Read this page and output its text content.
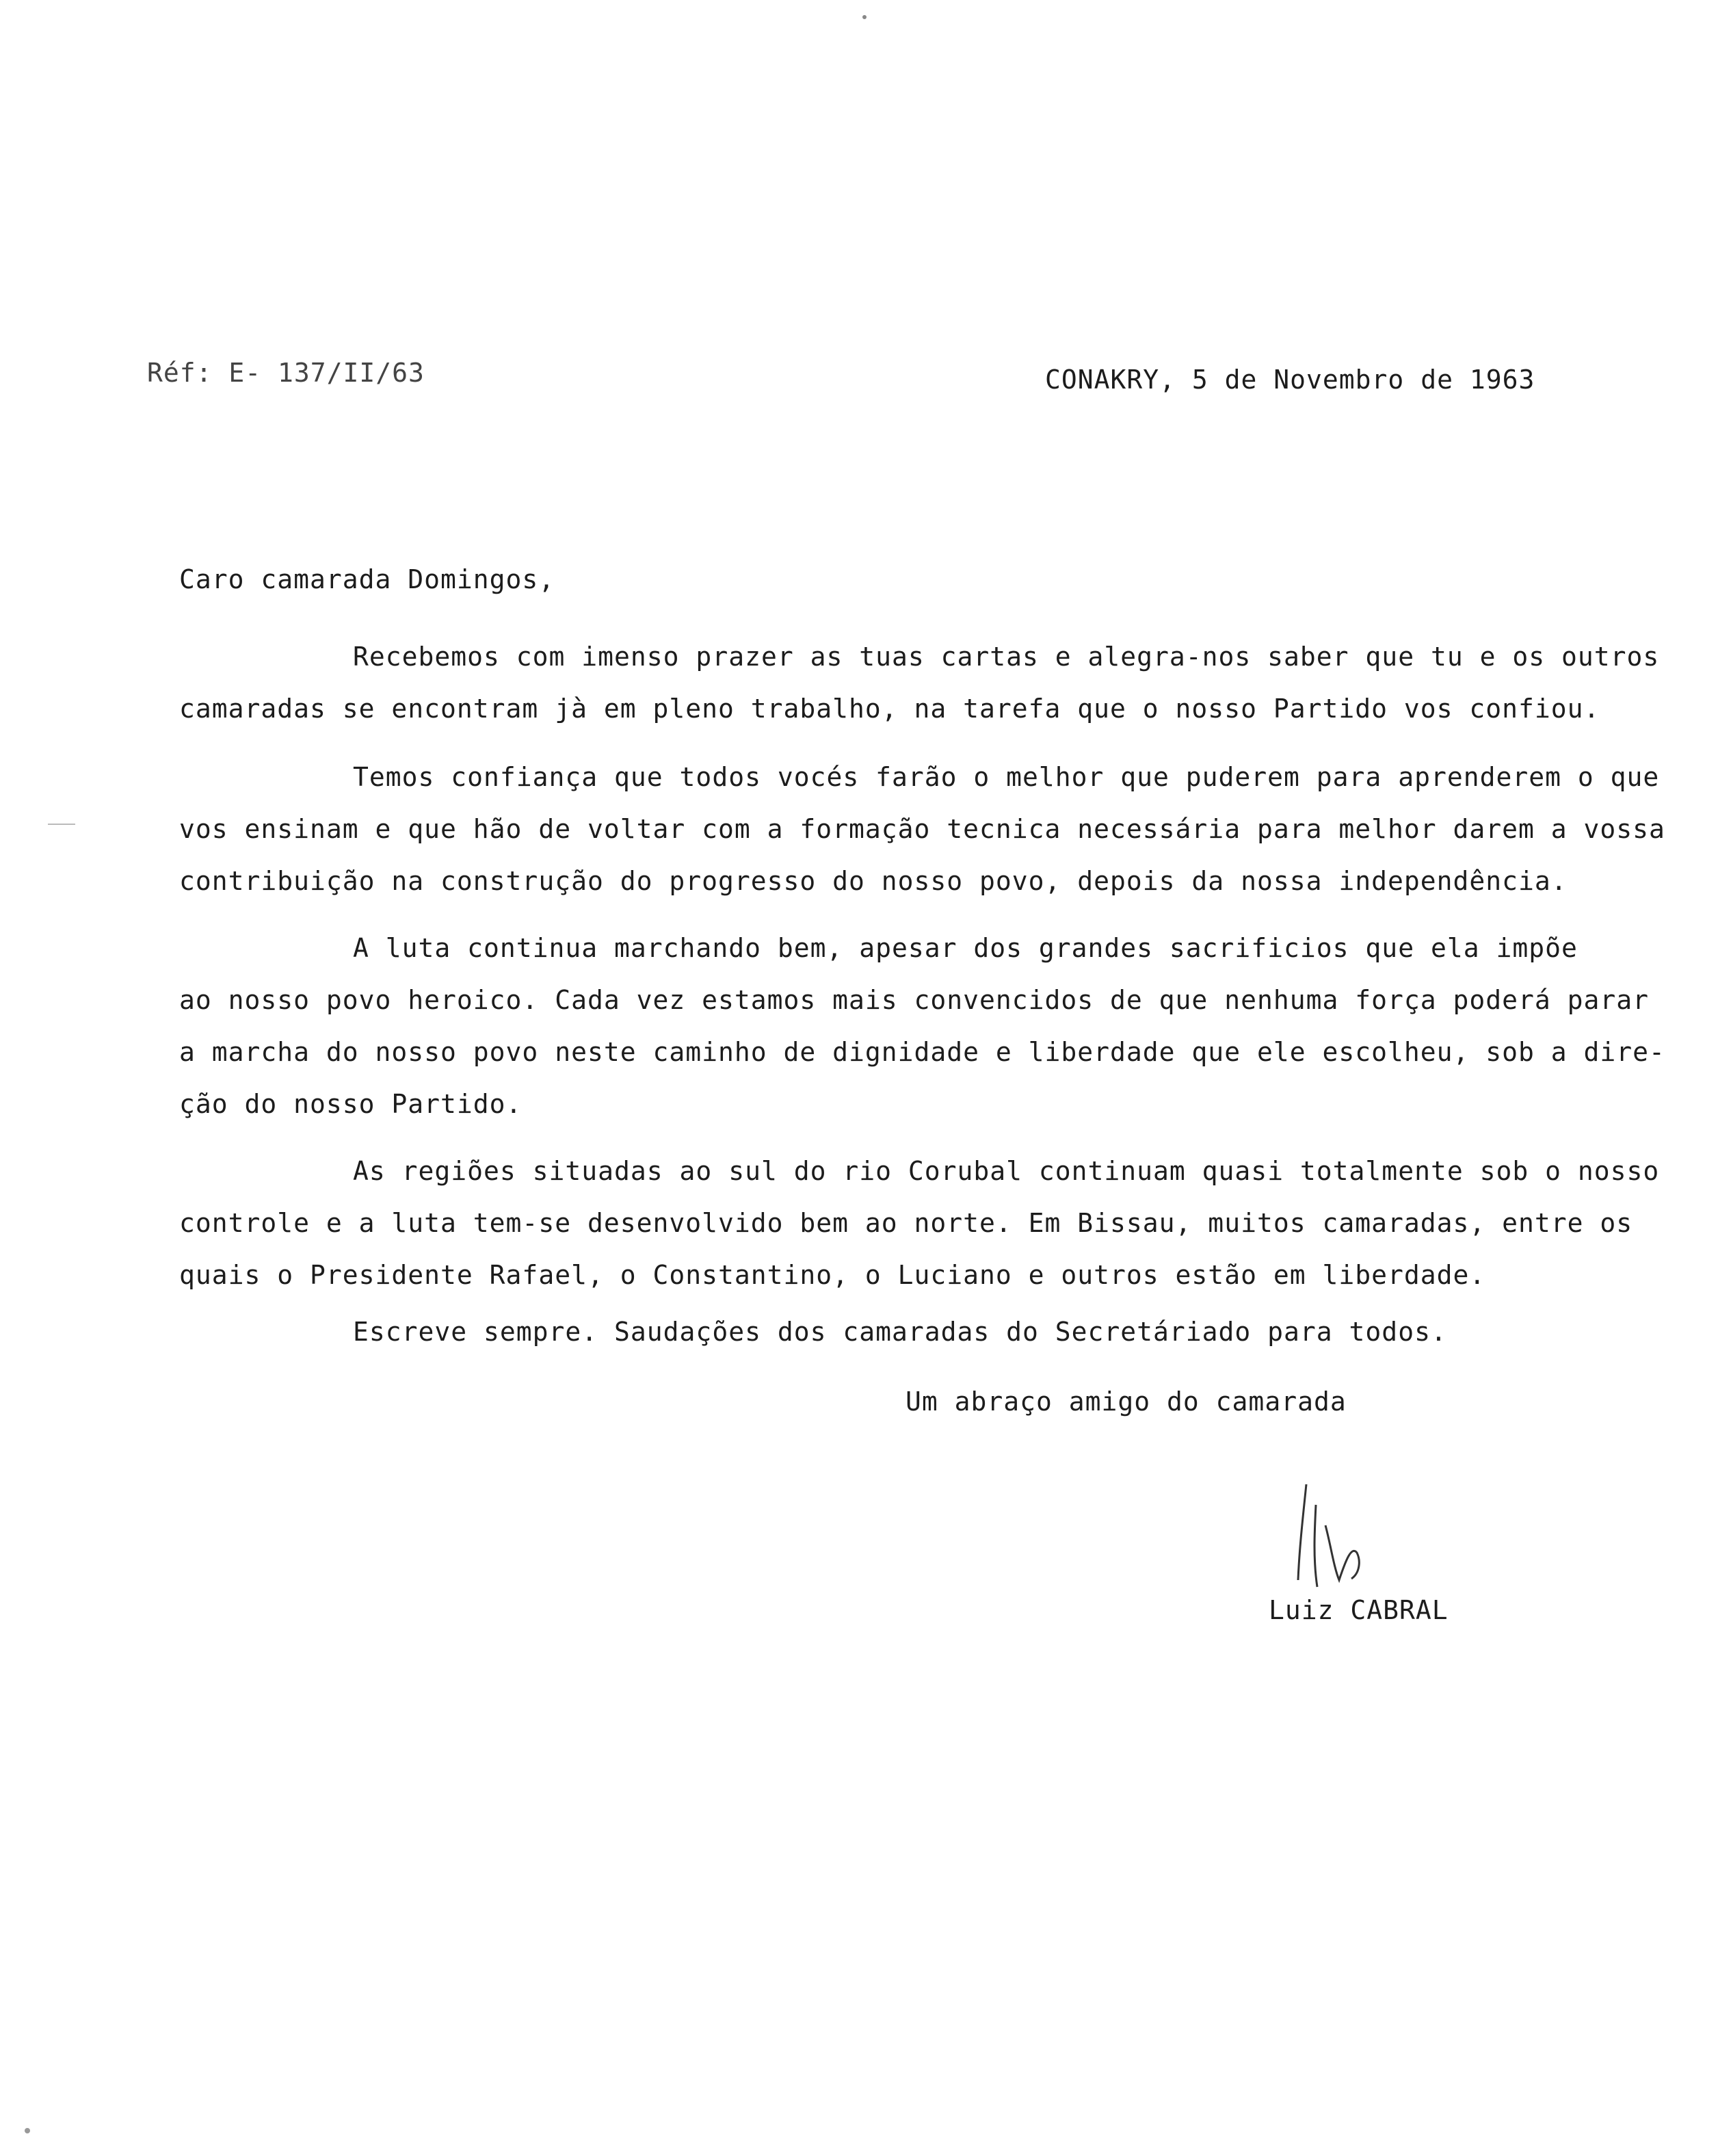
Réf: E- 137/II/63	CONAKRY, 5 de Novembro de 1963
Caro camarada Domingos,
Recebemos com imenso prazer as tuas cartas e alegra-nos saber que tu e os outros
camaradas se encontram jà em pleno trabalho, na tarefa que o nosso Partido vos confiou.
Temos confiança que todos vocés farão o melhor que puderem para aprenderem o que
vos ensinam e que hão de voltar com a formação tecnica necessária para melhor darem a vossa
contribuição na construção do progresso do nosso povo, depois da nossa independência.
A luta continua marchando bem, apesar dos grandes sacrificios que ela impõe
ao nosso povo heroico. Cada vez estamos mais convencidos de que nenhuma força poderá parar
a marcha do nosso povo neste caminho de dignidade e liberdade que ele escolheu, sob a dire-
ção do nosso Partido.
As regiões situadas ao sul do rio Corubal continuam quasi totalmente sob o nosso
controle e a luta tem-se desenvolvido bem ao norte. Em Bissau, muitos camaradas, entre os
quais o Presidente Rafael, o Constantino, o Luciano e outros estão em liberdade.
Escreve sempre. Saudações dos camaradas do Secretáriado para todos.
Um abraço amigo do camarada
Luiz CABRAL
